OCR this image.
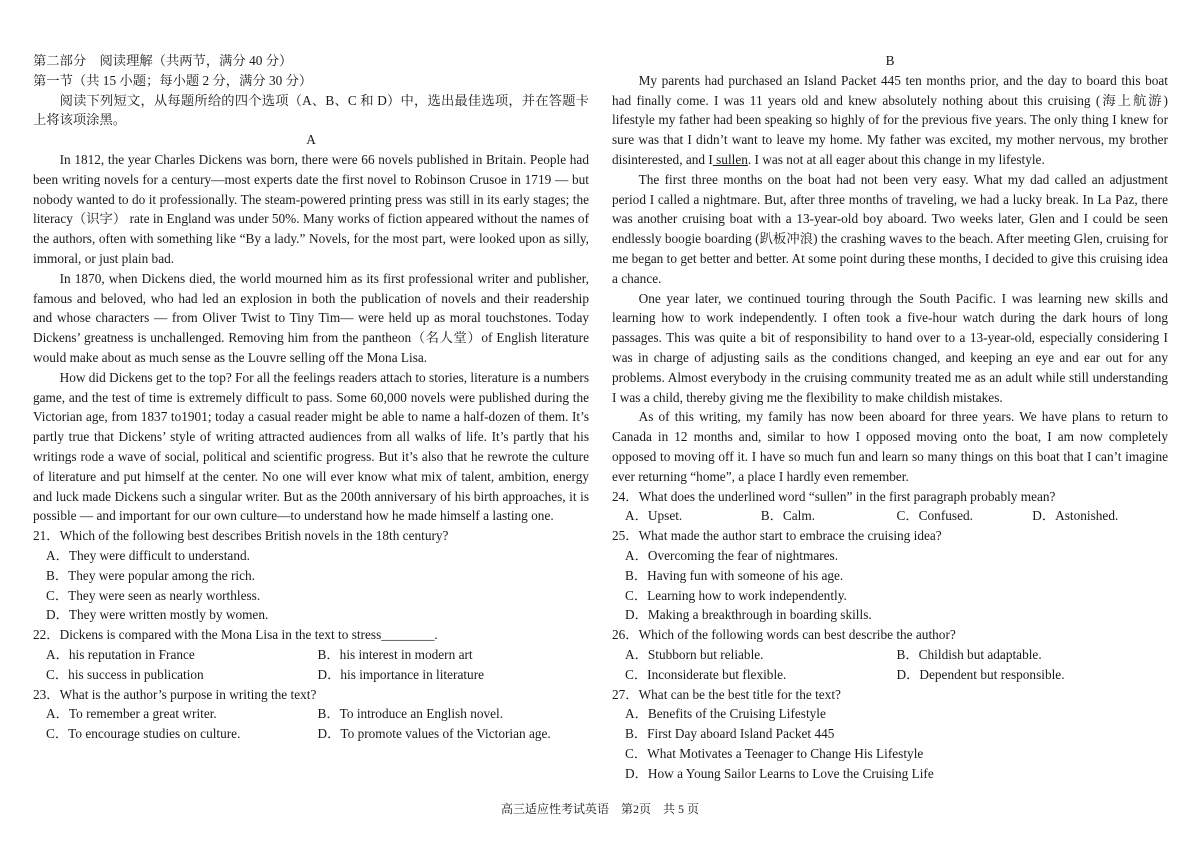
第二部分　阅读理解（共两节，满分 40 分）

第一节（共 15 小题；每小题 2 分，满分 30 分）

阅读下列短文，从每题所给的四个选项（A、B、C 和 D）中，选出最佳选项，并在答题卡上将该项涂黑。

A

In 1812, the year Charles Dickens was born, there were 66 novels published in Britain. People had been writing novels for a century—most experts date the first novel to Robinson Crusoe in 1719 — but nobody wanted to do it professionally. The steam-powered printing press was still in its early stages; the literacy（识字） rate in England was under 50%. Many works of fiction appeared without the names of the authors, often with something like “By a lady.” Novels, for the most part, were looked upon as silly, immoral, or just plain bad.

In 1870, when Dickens died, the world mourned him as its first professional writer and publisher, famous and beloved, who had led an explosion in both the publication of novels and their readership and whose characters — from Oliver Twist to Tiny Tim— were held up as moral touchstones. Today Dickens’ greatness is unchallenged. Removing him from the pantheon（名人堂）of English literature would make about as much sense as the Louvre selling off the Mona Lisa.

How did Dickens get to the top? For all the feelings readers attach to stories, literature is a numbers game, and the test of time is extremely difficult to pass. Some 60,000 novels were published during the Victorian age, from 1837 to1901; today a casual reader might be able to name a half-dozen of them. It’s partly true that Dickens’ style of writing attracted audiences from all walks of life. It’s partly that his writings rode a wave of social, political and scientific progress. But it’s also that he rewrote the culture of literature and put himself at the center. No one will ever know what mix of talent, ambition, energy and luck made Dickens such a singular writer. But as the 200th anniversary of his birth approaches, it is possible — and important for our own culture—to understand how he made himself a lasting one.

21．Which of the following best describes British novels in the 18th century?

A．They were difficult to understand.

B．They were popular among the rich.

C．They were seen as nearly worthless.

D．They were written mostly by women.

22．Dickens is compared with the Mona Lisa in the text to stress________.

A．his reputation in France	B．his interest in modern art

C．his success in publication	D．his importance in literature

23．What is the author’s purpose in writing the text?

A．To remember a great writer.	B．To introduce an English novel.

C．To encourage studies on culture.	D．To promote values of the Victorian age.

B

My parents had purchased an Island Packet 445 ten months prior, and the day to board this boat had finally come. I was 11 years old and knew absolutely nothing about this cruising (海上航游) lifestyle my father had been speaking so highly of for the previous five years. The only thing I knew for sure was that I didn’t want to leave my home. My father was excited, my mother nervous, my brother disinterested, and I sullen. I was not at all eager about this change in my lifestyle.

The first three months on the boat had not been very easy. What my dad called an adjustment period I called a nightmare. But, after three months of traveling, we had a lucky break. In La Paz, there was another cruising boat with a 13-year-old boy aboard. Two weeks later, Glen and I could be seen endlessly boogie boarding (趴板冲浪) the crashing waves to the beach. After meeting Glen, cruising for me began to get better and better. At some point during these months, I decided to give this cruising idea a chance.

One year later, we continued touring through the South Pacific. I was learning new skills and learning how to work independently. I often took a five-hour watch during the dark hours of long passages. This was quite a bit of responsibility to hand over to a 13-year-old, especially considering I was in charge of adjusting sails as the conditions changed, and keeping an eye and ear out for any problems. Almost everybody in the cruising community treated me as an adult while still understanding I was a child, thereby giving me the flexibility to make childish mistakes.

As of this writing, my family has now been aboard for three years. We have plans to return to Canada in 12 months and, similar to how I opposed moving onto the boat, I am now completely opposed to moving off it. I have so much fun and learn so many things on this boat that I can’t imagine ever returning “home”, a place I hardly even remember.

24．What does the underlined word “sullen” in the first paragraph probably mean?

A．Upset.	B．Calm.	C．Confused.	D．Astonished.

25．What made the author start to embrace the cruising idea?

A．Overcoming the fear of nightmares.

B．Having fun with someone of his age.

C．Learning how to work independently.

D．Making a breakthrough in boarding skills.

26．Which of the following words can best describe the author?

A．Stubborn but reliable.	B．Childish but adaptable.

C．Inconsiderate but flexible.	D．Dependent but responsible.

27．What can be the best title for the text?

A．Benefits of the Cruising Lifestyle

B．First Day aboard Island Packet 445

C．What Motivates a Teenager to Change His Lifestyle

D．How a Young Sailor Learns to Love the Cruising Life

高三适应性考试英语　第2页　共 5 页
